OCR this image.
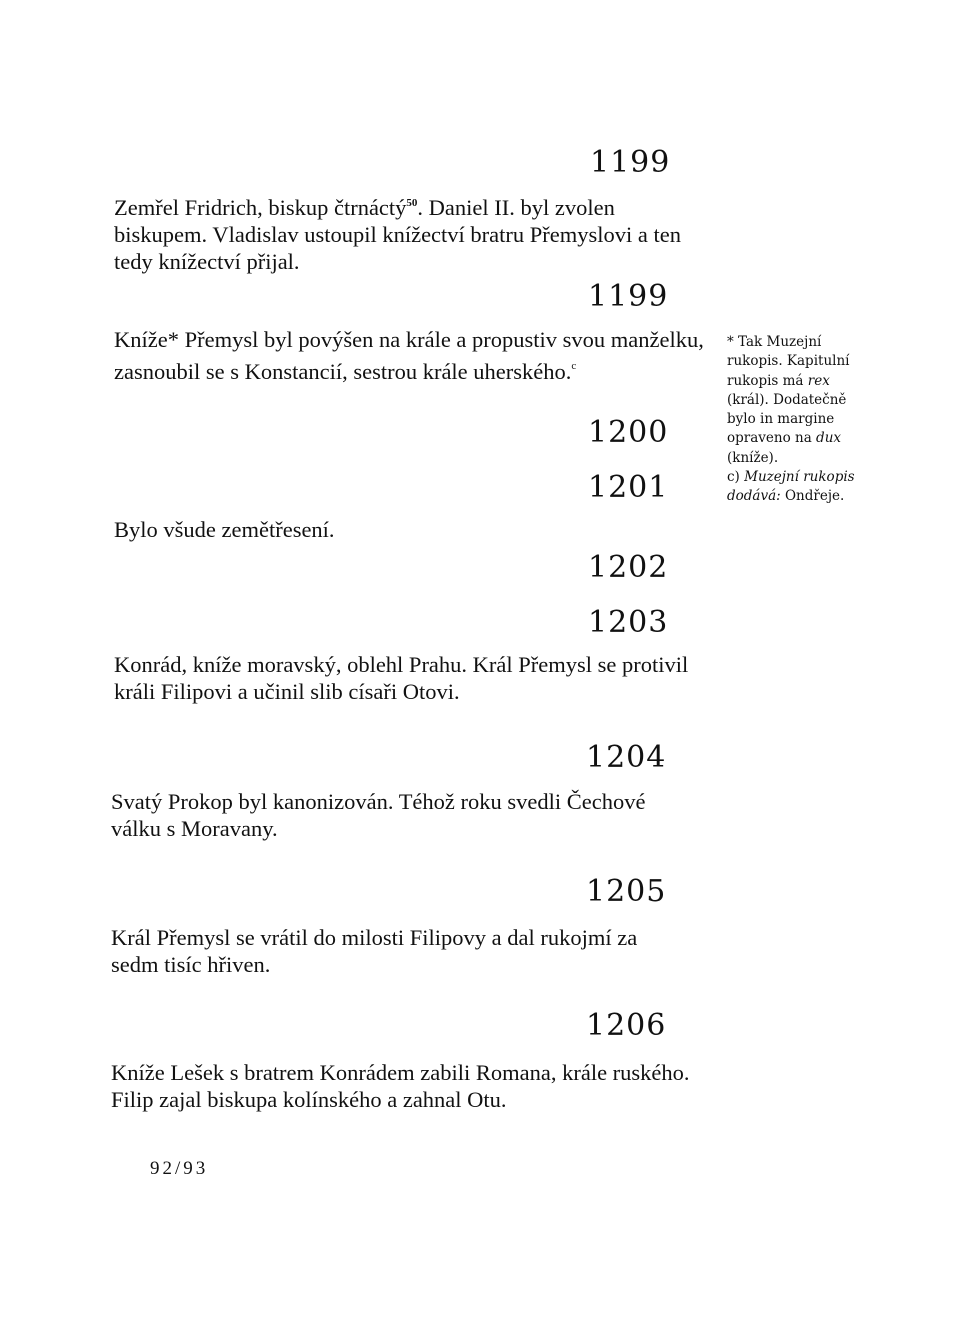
1199

Zemřel Fridrich, biskup čtrnáctý$^{50}$. Daniel II. byl zvolen
biskupem. Vladislav ustoupil knížectví bratru Přemyslovi a ten
tedy knížectví přijal.

1199

Kníže* Přemysl byl povýšen na krále a propustiv svou manželku,
zasnoubil se s Konstancií, sestrou krále uherského.$^c$

* Tak Muzejní
rukopis. Kapitulní
rukopis má rex
(král). Dodatečně
bylo in margine
opraveno na dux
(kníže).
c) Muzejní rukopis
dodává: Ondřeje.
1200
1201

Bylo všude zemětřesení.

1202
1203

Konrád, kníže moravský, oblehl Prahu. Král Přemysl se protivil
králi Filipovi a učinil slib císaři Otovi.

1204

Svatý Prokop byl kanonizován. Téhož roku svedli Čechové
válku s Moravany.

1205

Král Přemysl se vrátil do milosti Filipovy a dal rukojmí za
sedm tisíc hřiven.

1206

Kníže Lešek s bratrem Konrádem zabili Romana, krále ruského.
Filip zajal biskupa kolínského a zahnal Otu.

92/93
